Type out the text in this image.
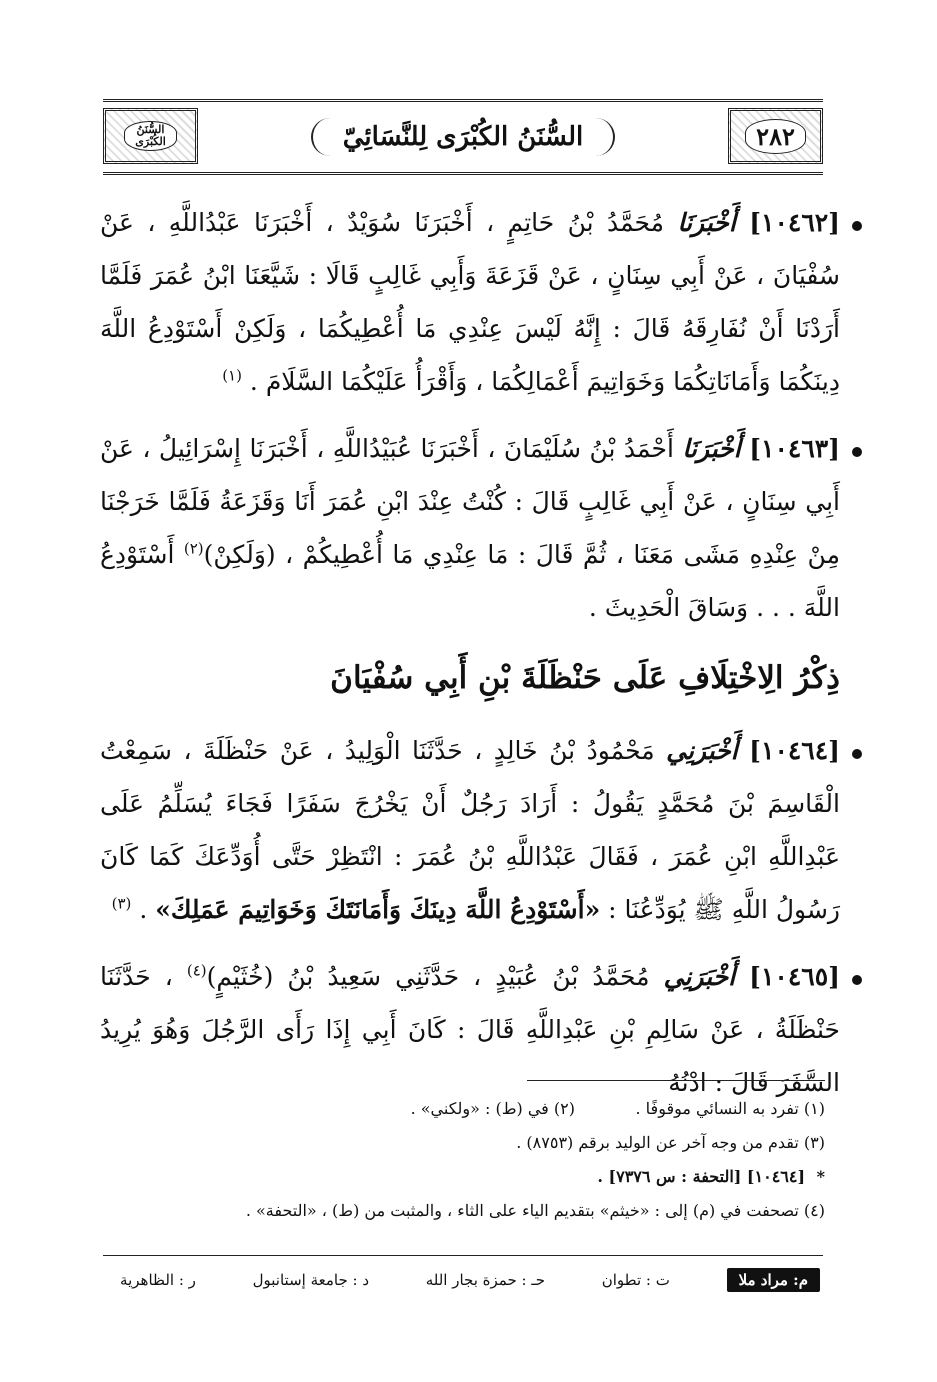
٢٨٢
السُّنَنُ الكُبْرَى لِلنَّسَائِيّ
السُّنَنُ
الكُبْرَى

[١٠٤٦٢] أَخْبَرَنَا مُحَمَّدُ بْنُ حَاتِمٍ ، أَخْبَرَنَا سُوَيْدٌ ، أَخْبَرَنَا عَبْدُاللَّهِ ، عَنْ سُفْيَانَ ، عَنْ أَبِي سِنَانٍ ، عَنْ قَزَعَةَ وَأَبِي غَالِبٍ قَالَا : شَيَّعَنَا ابْنُ عُمَرَ فَلَمَّا أَرَدْنَا أَنْ نُفَارِقَهُ قَالَ : إِنَّهُ لَيْسَ عِنْدِي مَا أُعْطِيكُمَا ، وَلَكِنْ أَسْتَوْدِعُ اللَّهَ دِينَكُمَا وَأَمَانَاتِكُمَا وَخَوَاتِيمَ أَعْمَالِكُمَا ، وَأَقْرَأُ عَلَيْكُمَا السَّلَامَ . $^{(١)}$

[١٠٤٦٣] أَخْبَرَنَا أَحْمَدُ بْنُ سُلَيْمَانَ ، أَخْبَرَنَا عُبَيْدُاللَّهِ ، أَخْبَرَنَا إِسْرَائِيلُ ، عَنْ أَبِي سِنَانٍ ، عَنْ أَبِي غَالِبٍ قَالَ : كُنْتُ عِنْدَ ابْنِ عُمَرَ أَنَا وَقَزَعَةُ فَلَمَّا خَرَجْنَا مِنْ عِنْدِهِ مَشَى مَعَنَا ، ثُمَّ قَالَ : مَا عِنْدِي مَا أُعْطِيكُمْ ، (وَلَكِنْ)$^{(٢)}$ أَسْتَوْدِعُ اللَّهَ . . . وَسَاقَ الْحَدِيثَ .

ذِكْرُ الِاخْتِلَافِ عَلَى حَنْظَلَةَ بْنِ أَبِي سُفْيَانَ

[١٠٤٦٤] أَخْبَرَنِي مَحْمُودُ بْنُ خَالِدٍ ، حَدَّثَنَا الْوَلِيدُ ، عَنْ حَنْظَلَةَ ، سَمِعْتُ الْقَاسِمَ بْنَ مُحَمَّدٍ يَقُولُ : أَرَادَ رَجُلٌ أَنْ يَخْرُجَ سَفَرًا فَجَاءَ يُسَلِّمُ عَلَى عَبْدِاللَّهِ ابْنِ عُمَرَ ، فَقَالَ عَبْدُاللَّهِ بْنُ عُمَرَ : انْتَظِرْ حَتَّى أُوَدِّعَكَ كَمَا كَانَ رَسُولُ اللَّهِ ﷺ يُوَدِّعُنَا : «أَسْتَوْدِعُ اللَّهَ دِينَكَ وَأَمَانَتَكَ وَخَوَاتِيمَ عَمَلِكَ» . $^{(٣)}$

[١٠٤٦٥] أَخْبَرَنِي مُحَمَّدُ بْنُ عُبَيْدٍ ، حَدَّثَنِي سَعِيدُ بْنُ (خُثَيْمٍ)$^{(٤)}$ ، حَدَّثَنَا حَنْظَلَةُ ، عَنْ سَالِمِ بْنِ عَبْدِاللَّهِ قَالَ : كَانَ أَبِي إِذَا رَأَى الرَّجُلَ وَهُوَ يُرِيدُ السَّفَرَ قَالَ : ادْنُهُ

(١) تفرد به النسائي موقوفًا .
(٢) في (ط) : «ولكني» .
(٣) تقدم من وجه آخر عن الوليد برقم (٨٧٥٣) .
* [١٠٤٦٤] [التحفة : س ٧٣٧٦] .
(٤) تصحفت في (م) إلى : «خيثم» بتقديم الياء على الثاء ، والمثبت من (ط) ، «التحفة» .
م: مراد ملا
ت : تطوان
حـ : حمزة بجار الله
د : جامعة إستانبول
ر : الظاهرية
